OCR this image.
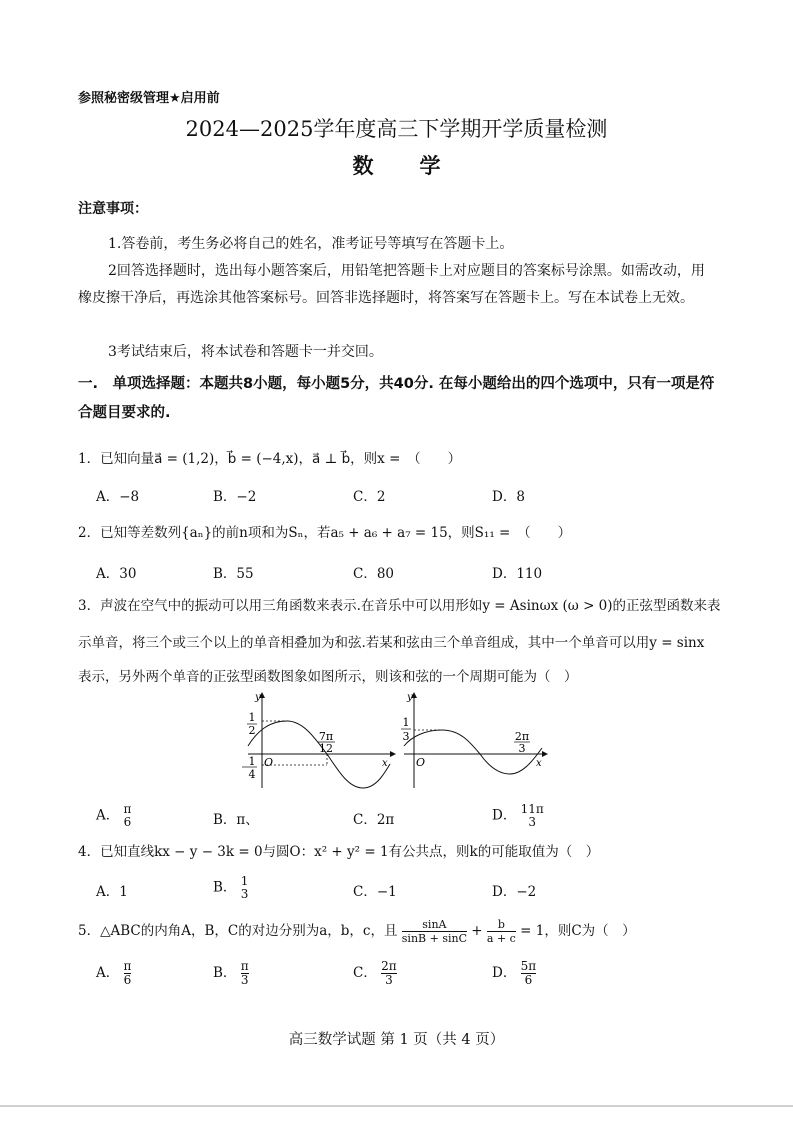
参照秘密级管理★启用前
2024—2025学年度高三下学期开学质量检测
数学
注意事项：
1.答卷前，考生务必将自己的姓名，准考证号等填写在答题卡上。
2回答选择题时，选出每小题答案后，用铅笔把答题卡上对应题目的答案标号涂黑。如需改动，用橡皮擦干净后，再选涂其他答案标号。回答非选择题时，将答案写在答题卡上。写在本试卷上无效。
3考试结束后，将本试卷和答题卡一并交回。
一.　单项选择题：本题共8小题，每小题5分，共40分. 在每小题给出的四个选项中，只有一项是符合题目要求的.
1．已知向量a⃗ = (1,2)，b⃗ = (−4,x)，a⃗ ⊥ b⃗，则x =　（　　）
A．−8	B．−2	C．2	D．8
2．已知等差数列{aₙ}的前n项和为Sₙ，若a₅ + a₆ + a₇ = 15，则S₁₁ =　（　　）
A．30	B．55	C．80	D．110
3．声波在空气中的振动可以用三角函数来表示.在音乐中可以用形如y = Asinωx (ω > 0)的正弦型函数来表
示单音，将三个或三个以上的单音相叠加为和弦.若某和弦由三个单音组成，其中一个单音可以用y = sinx
表示，另外两个单音的正弦型函数图象如图所示，则该和弦的一个周期可能为（　）
1
2
1
4
7π
12
O	x
y
1
3	2π
3
O	x
y
A． π
6	B．π、	C．2π	D． 11π
3
4．已知直线kx − y − 3k = 0与圆O：x² + y² = 1有公共点，则k的可能取值为（　）
A．1	B． 1
3	C．−1	D．−2
5．△ABC的内角A，B，C的对边分别为a，b，c，且 $\frac{\sin A}{\sin B + \sin C} + \frac{b}{a + c} = 1$，则C为（　）
A． $\frac{\pi}{6}$	B． $\frac{\pi}{3}$	C． $\frac{2\pi}{3}$	D． $\frac{5\pi}{6}$
高三数学试题 第 1 页（共 4 页）
